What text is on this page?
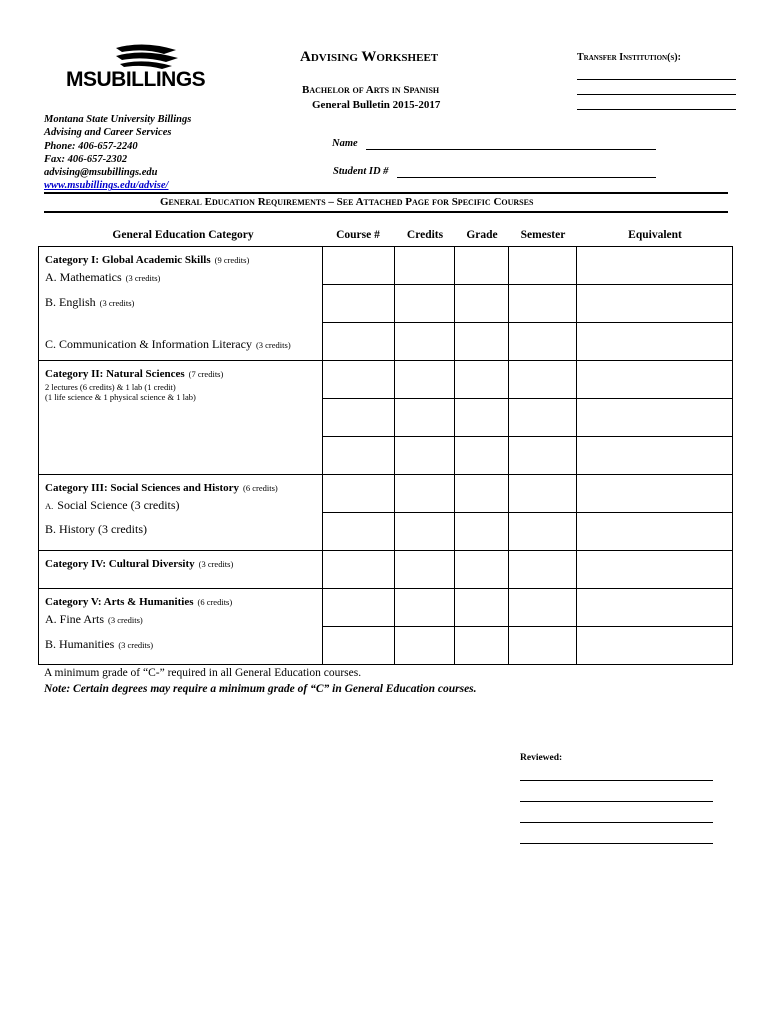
MSUBILLINGS
Montana State University Billings
Advising and Career Services
Phone: 406-657-2240
Fax: 406-657-2302
advising@msubillings.edu
www.msubillings.edu/advise/
Advising Worksheet
Bachelor of Arts in Spanish
General Bulletin 2015-2017
Transfer Institution(s):
Name
Student ID #
General Education Requirements – See Attached Page for Specific Courses
General Education Category	Course #	Credits	Grade	Semester	Equivalent
Category I: Global Academic Skills (9 credits)
A. Mathematics (3 credits)
B. English (3 credits)
C. Communication & Information Literacy (3 credits)					

Category II: Natural Sciences (7 credits)
2 lectures (6 credits) & 1 lab (1 credit)
(1 life science & 1 physical science & 1 lab)					

Category III: Social Sciences and History (6 credits)
A. Social Science (3 credits)
B. History (3 credits)					

Category IV: Cultural Diversity (3 credits)					

Category V: Arts & Humanities (6 credits)
A. Fine Arts (3 credits)
B. Humanities (3 credits)					

A minimum grade of “C-” required in all General Education courses.
Note: Certain degrees may require a minimum grade of “C” in General Education courses.
Reviewed:
